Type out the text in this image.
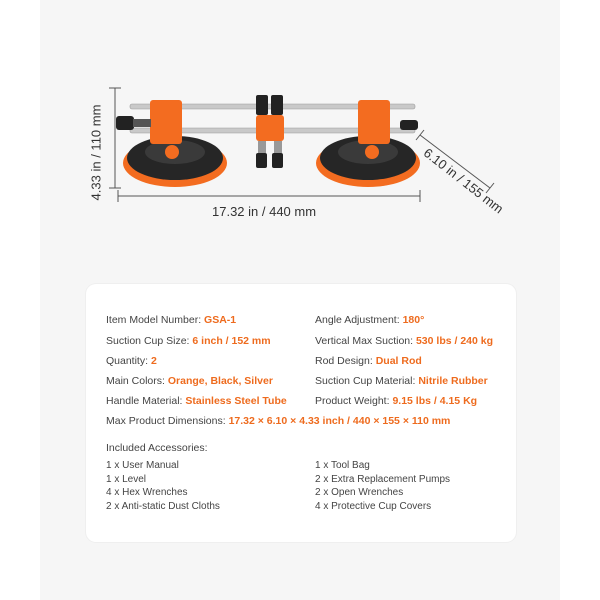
17.32 in / 440 mm
4.33 in / 110 mm	6.10 in / 155 mm
Item Model Number: GSA-1
Suction Cup Size: 6 inch / 152 mm
Quantity: 2
Main Colors: Orange, Black, Silver
Handle Material: Stainless Steel Tube
Angle Adjustment: 180°
Vertical Max Suction: 530 lbs / 240 kg
Rod Design: Dual Rod
Suction Cup Material: Nitrile Rubber
Product Weight: 9.15 lbs / 4.15 Kg
Max Product Dimensions: 17.32 × 6.10 × 4.33 inch / 440 × 155 × 110 mm
Included Accessories:
1 x User Manual
1 x Level
4 x Hex Wrenches
2 x Anti-static Dust Cloths
1 x Tool Bag
2 x Extra Replacement Pumps
2 x Open Wrenches
4 x Protective Cup Covers
